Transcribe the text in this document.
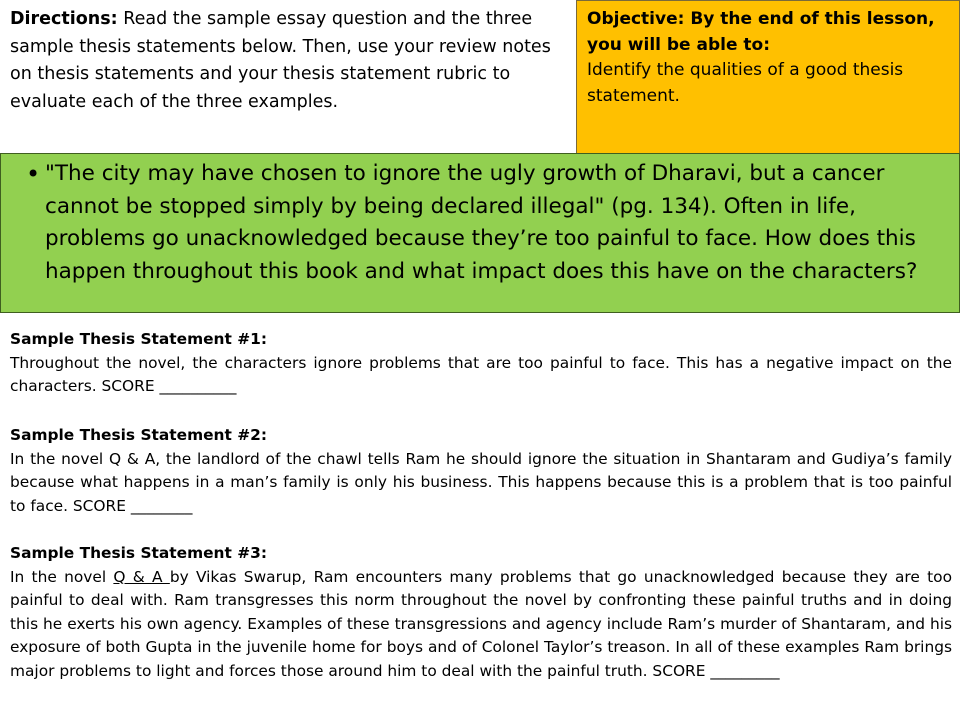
Directions: Read the sample essay question and the three sample thesis statements below. Then, use your review notes on thesis statements and your thesis statement rubric to evaluate each of the three examples.
Objective: By the end of this lesson, you will be able to:
Identify the qualities of a good thesis statement.
• "The city may have chosen to ignore the ugly growth of Dharavi, but a cancer cannot be stopped simply by being declared illegal" (pg. 134). Often in life, problems go unacknowledged because they’re too painful to face. How does this happen throughout this book and what impact does this have on the characters?
Sample Thesis Statement #1:
Throughout the novel, the characters ignore problems that are too painful to face. This has a negative impact on the characters. SCORE __________
Sample Thesis Statement #2:
In the novel Q & A, the landlord of the chawl tells Ram he should ignore the situation in Shantaram and Gudiya’s family because what happens in a man’s family is only his business. This happens because this is a problem that is too painful to face. SCORE ________
Sample Thesis Statement #3:
In the novel Q & A by Vikas Swarup, Ram encounters many problems that go unacknowledged because they are too painful to deal with. Ram transgresses this norm throughout the novel by confronting these painful truths and in doing this he exerts his own agency. Examples of these transgressions and agency include Ram’s murder of Shantaram, and his exposure of both Gupta in the juvenile home for boys and of Colonel Taylor’s treason. In all of these examples Ram brings major problems to light and forces those around him to deal with the painful truth. SCORE _________
